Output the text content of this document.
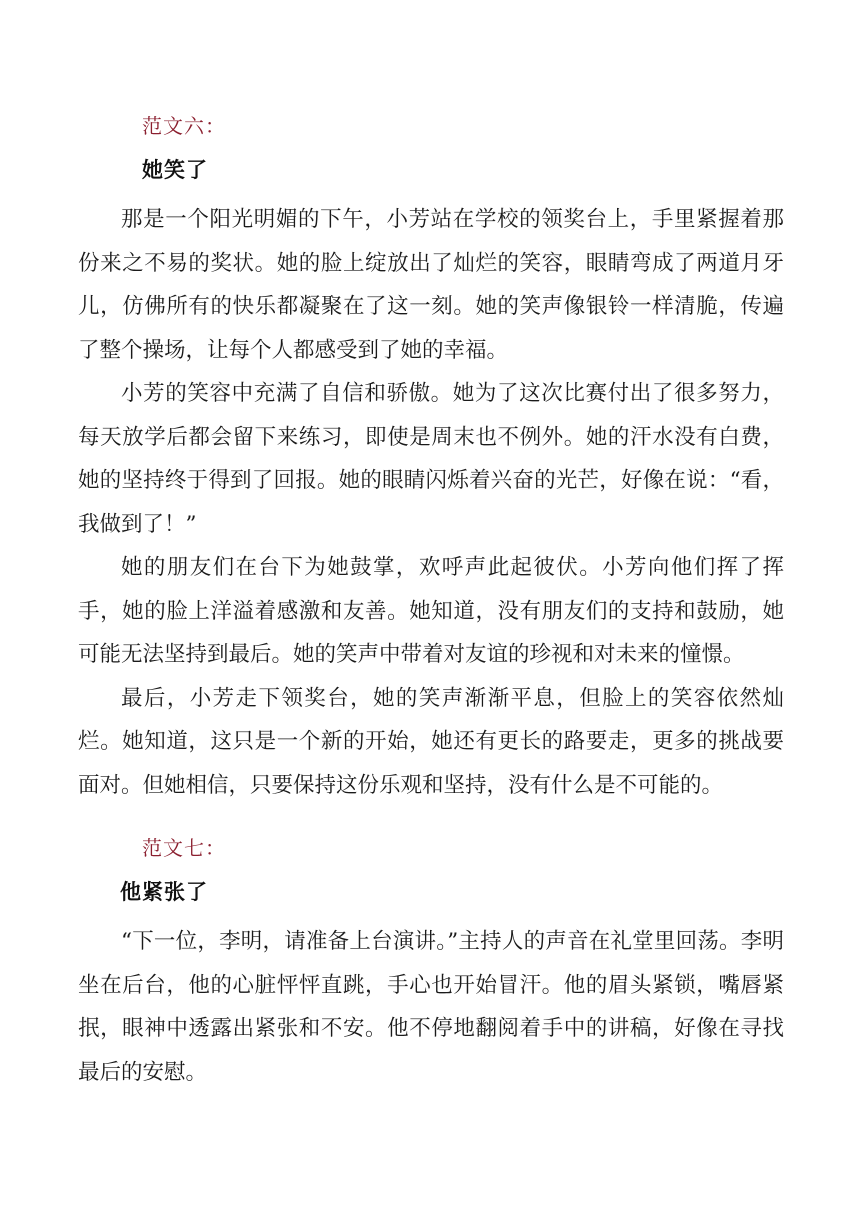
范文六：
她笑了

那是一个阳光明媚的下午，小芳站在学校的领奖台上，手里紧握着那份来之不易的奖状。她的脸上绽放出了灿烂的笑容，眼睛弯成了两道月牙儿，仿佛所有的快乐都凝聚在了这一刻。她的笑声像银铃一样清脆，传遍了整个操场，让每个人都感受到了她的幸福。

小芳的笑容中充满了自信和骄傲。她为了这次比赛付出了很多努力，每天放学后都会留下来练习，即使是周末也不例外。她的汗水没有白费，她的坚持终于得到了回报。她的眼睛闪烁着兴奋的光芒，好像在说：“看，我做到了！”

她的朋友们在台下为她鼓掌，欢呼声此起彼伏。小芳向他们挥了挥手，她的脸上洋溢着感激和友善。她知道，没有朋友们的支持和鼓励，她可能无法坚持到最后。她的笑声中带着对友谊的珍视和对未来的憧憬。

最后，小芳走下领奖台，她的笑声渐渐平息，但脸上的笑容依然灿烂。她知道，这只是一个新的开始，她还有更长的路要走，更多的挑战要面对。但她相信，只要保持这份乐观和坚持，没有什么是不可能的。

范文七：
他紧张了

“下一位，李明，请准备上台演讲。”主持人的声音在礼堂里回荡。李明坐在后台，他的心脏怦怦直跳，手心也开始冒汗。他的眉头紧锁，嘴唇紧抿，眼神中透露出紧张和不安。他不停地翻阅着手中的讲稿，好像在寻找最后的安慰。
